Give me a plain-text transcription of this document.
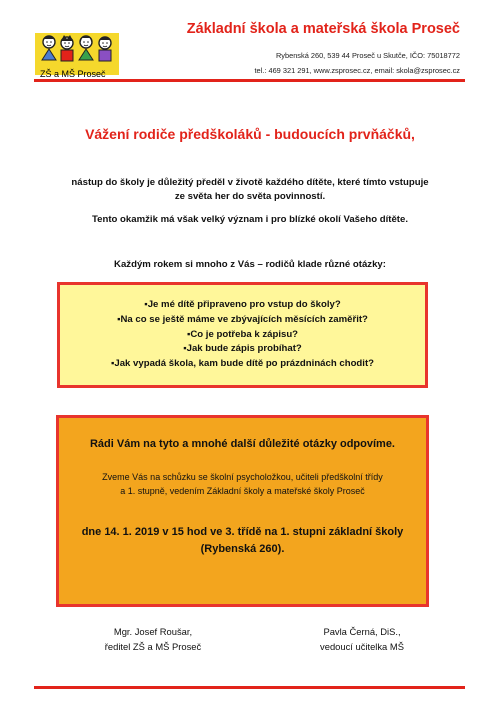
ZŠ a MŠ Proseč
Základní škola a mateřská škola Proseč
Rybenská 260, 539 44 Proseč u Skutče, IČO: 75018772
tel.: 469 321 291, www.zsprosec.cz, email: skola@zsprosec.cz
Vážení rodiče předškoláků - budoucích prvňáčků,
nástup do školy je důležitý předěl v životě každého dítěte, které tímto vstupuje
ze světa her do světa povinností.
Tento okamžik má však velký význam i pro blízké okolí Vašeho dítěte.
Každým rokem si mnoho z Vás – rodičů klade různé otázky:
▪Je mé dítě připraveno pro vstup do školy?
▪Na co se ještě máme ve zbývajících měsících zaměřit?
▪Co je potřeba k zápisu?
▪Jak bude zápis probíhat?
▪Jak vypadá škola, kam bude dítě po prázdninách chodit?
Rádi Vám na tyto a mnohé další důležité otázky odpovíme.
Zveme Vás na schůzku se školní psycholožkou, učiteli předškolní třídy
a 1. stupně, vedením Základní školy a mateřské školy Proseč
dne 14. 1. 2019 v 15 hod ve 3. třídě na 1. stupni základní školy
(Rybenská 260).
Mgr. Josef Roušar,
ředitel ZŠ a MŠ Proseč
Pavla Černá, DiS.,
vedoucí učitelka MŠ
